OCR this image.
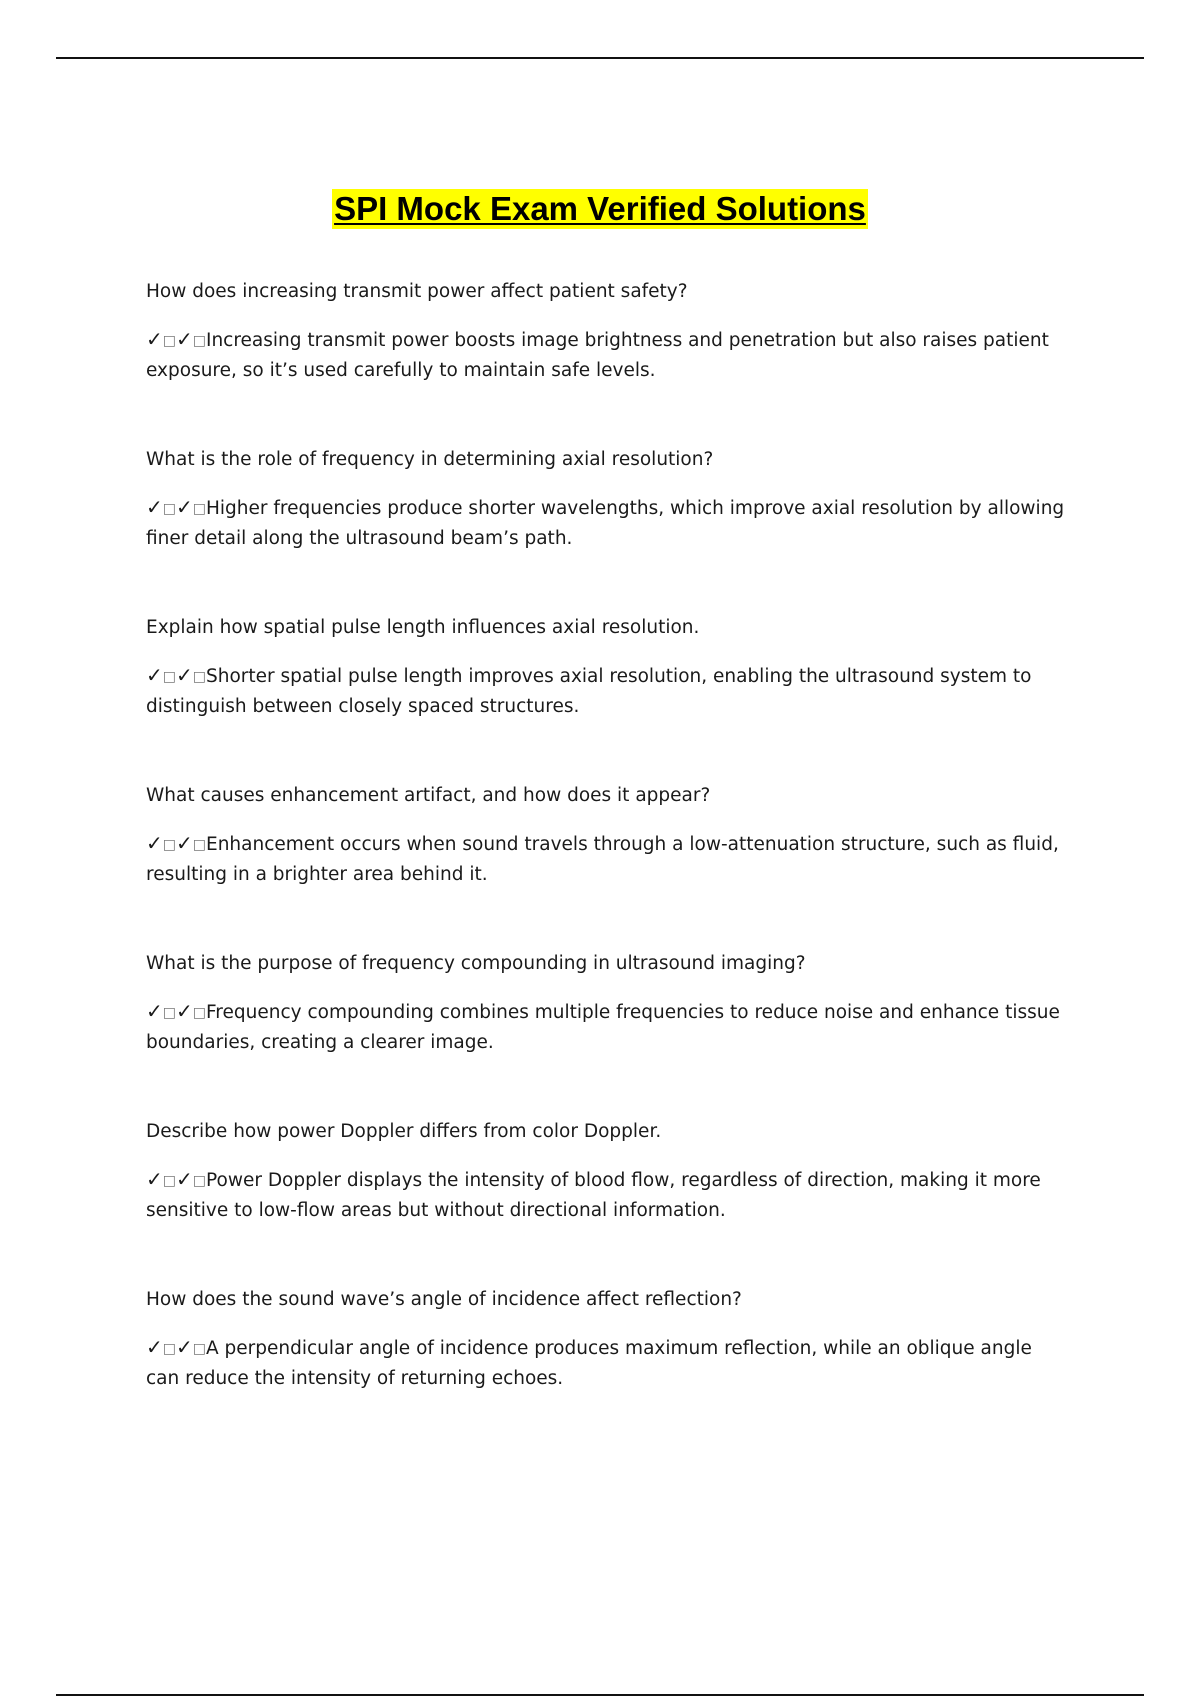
SPI Mock Exam Verified Solutions

How does increasing transmit power affect patient safety?

✓□✓□Increasing transmit power boosts image brightness and penetration but also raises patient exposure, so it’s used carefully to maintain safe levels.

What is the role of frequency in determining axial resolution?

✓□✓□Higher frequencies produce shorter wavelengths, which improve axial resolution by allowing finer detail along the ultrasound beam’s path.

Explain how spatial pulse length influences axial resolution.

✓□✓□Shorter spatial pulse length improves axial resolution, enabling the ultrasound system to distinguish between closely spaced structures.

What causes enhancement artifact, and how does it appear?

✓□✓□Enhancement occurs when sound travels through a low-attenuation structure, such as fluid, resulting in a brighter area behind it.

What is the purpose of frequency compounding in ultrasound imaging?

✓□✓□Frequency compounding combines multiple frequencies to reduce noise and enhance tissue boundaries, creating a clearer image.

Describe how power Doppler differs from color Doppler.

✓□✓□Power Doppler displays the intensity of blood flow, regardless of direction, making it more sensitive to low-flow areas but without directional information.

How does the sound wave’s angle of incidence affect reflection?

✓□✓□A perpendicular angle of incidence produces maximum reflection, while an oblique angle can reduce the intensity of returning echoes.
